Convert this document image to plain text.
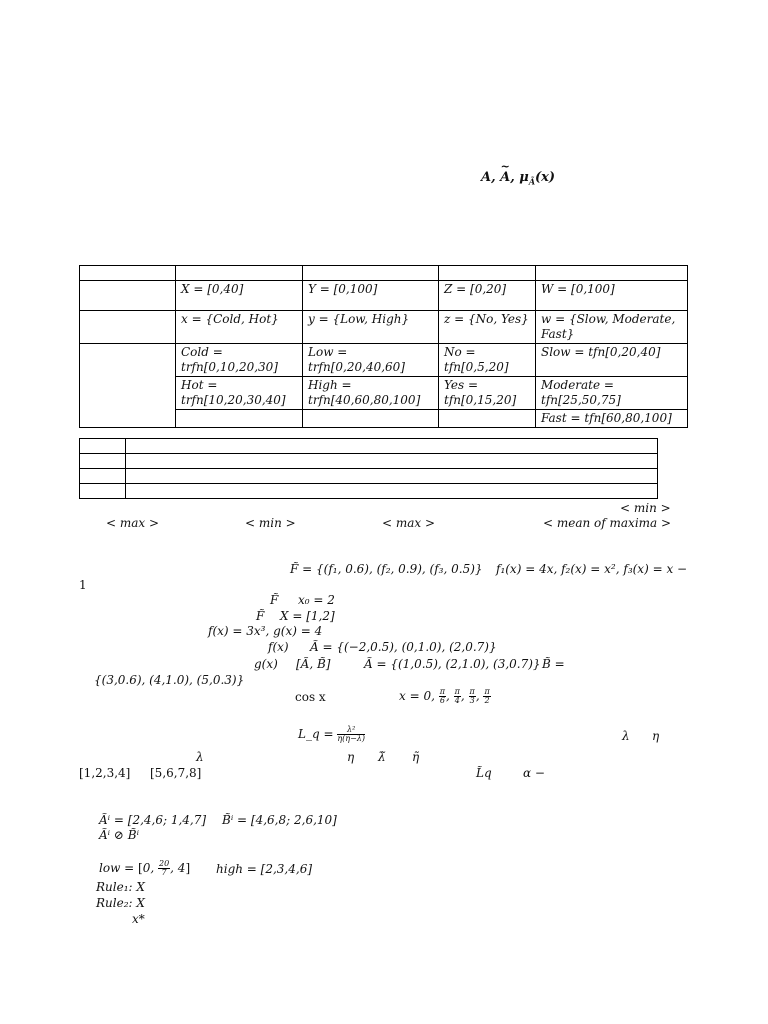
A, ~ A, $\mu_Ã(x)$

	X = [0,40]	Y = [0,100]	Z = [0,20]	W = [0,100]
	x = {Cold, Hot}	y = {Low, High}	z = {No, Yes}	w = {Slow, Moderate, Fast}
	Cold = trfn[0,10,20,30]	Low = trfn[0,20,40,60]	No = tfn[0,5,20]	Slow = tfn[0,20,40]
	Hot = trfn[10,20,30,40]	High = trfn[40,60,80,100]	Yes = tfn[0,15,20]	Moderate = tfn[25,50,75]
				Fast = tfn[60,80,100]

< min >
< max >	< min >	< max >	< mean of maxima >
F̃ = {(f₁, 0.6), (f₂, 0.9), (f₃, 0.5)} f₁(x) = 4x, f₂(x) = x², f₃(x) = x −
1
F̃ x₀ = 2
F̃ X = [1,2]
f(x) = 3x³, g(x) = 4
f(x) Ã = {(−2,0.5), (0,1.0), (2,0.7)}
g(x) [Ã, B̃]	Ã = {(1,0.5), (2,1.0), (3,0.7)} B̃ =
{(3,0.6), (4,1.0), (5,0.3)}
cos x	x = 0, $\frac{\pi}{6}$ , $\frac{\pi}{4}$ , $\frac{\pi}{3}$ , $\frac{\pi}{2}$
L_q = $\frac{\text{λ²}}{\eta(\eta-\lambda)}$	λ η
λ	η λ̃ η̃
[1,2,3,4] [5,6,7,8]	L̃q	α −
Ãⁱ = [2,4,6; 1,4,7] B̃ⁱ = [4,6,8; 2,6,10]
Ãⁱ ⊘ B̃ⁱ
low = [0, $\frac{20}{7}$ , 4] high = [2,3,4,6]
Rule₁: X
Rule₂: X
x*
